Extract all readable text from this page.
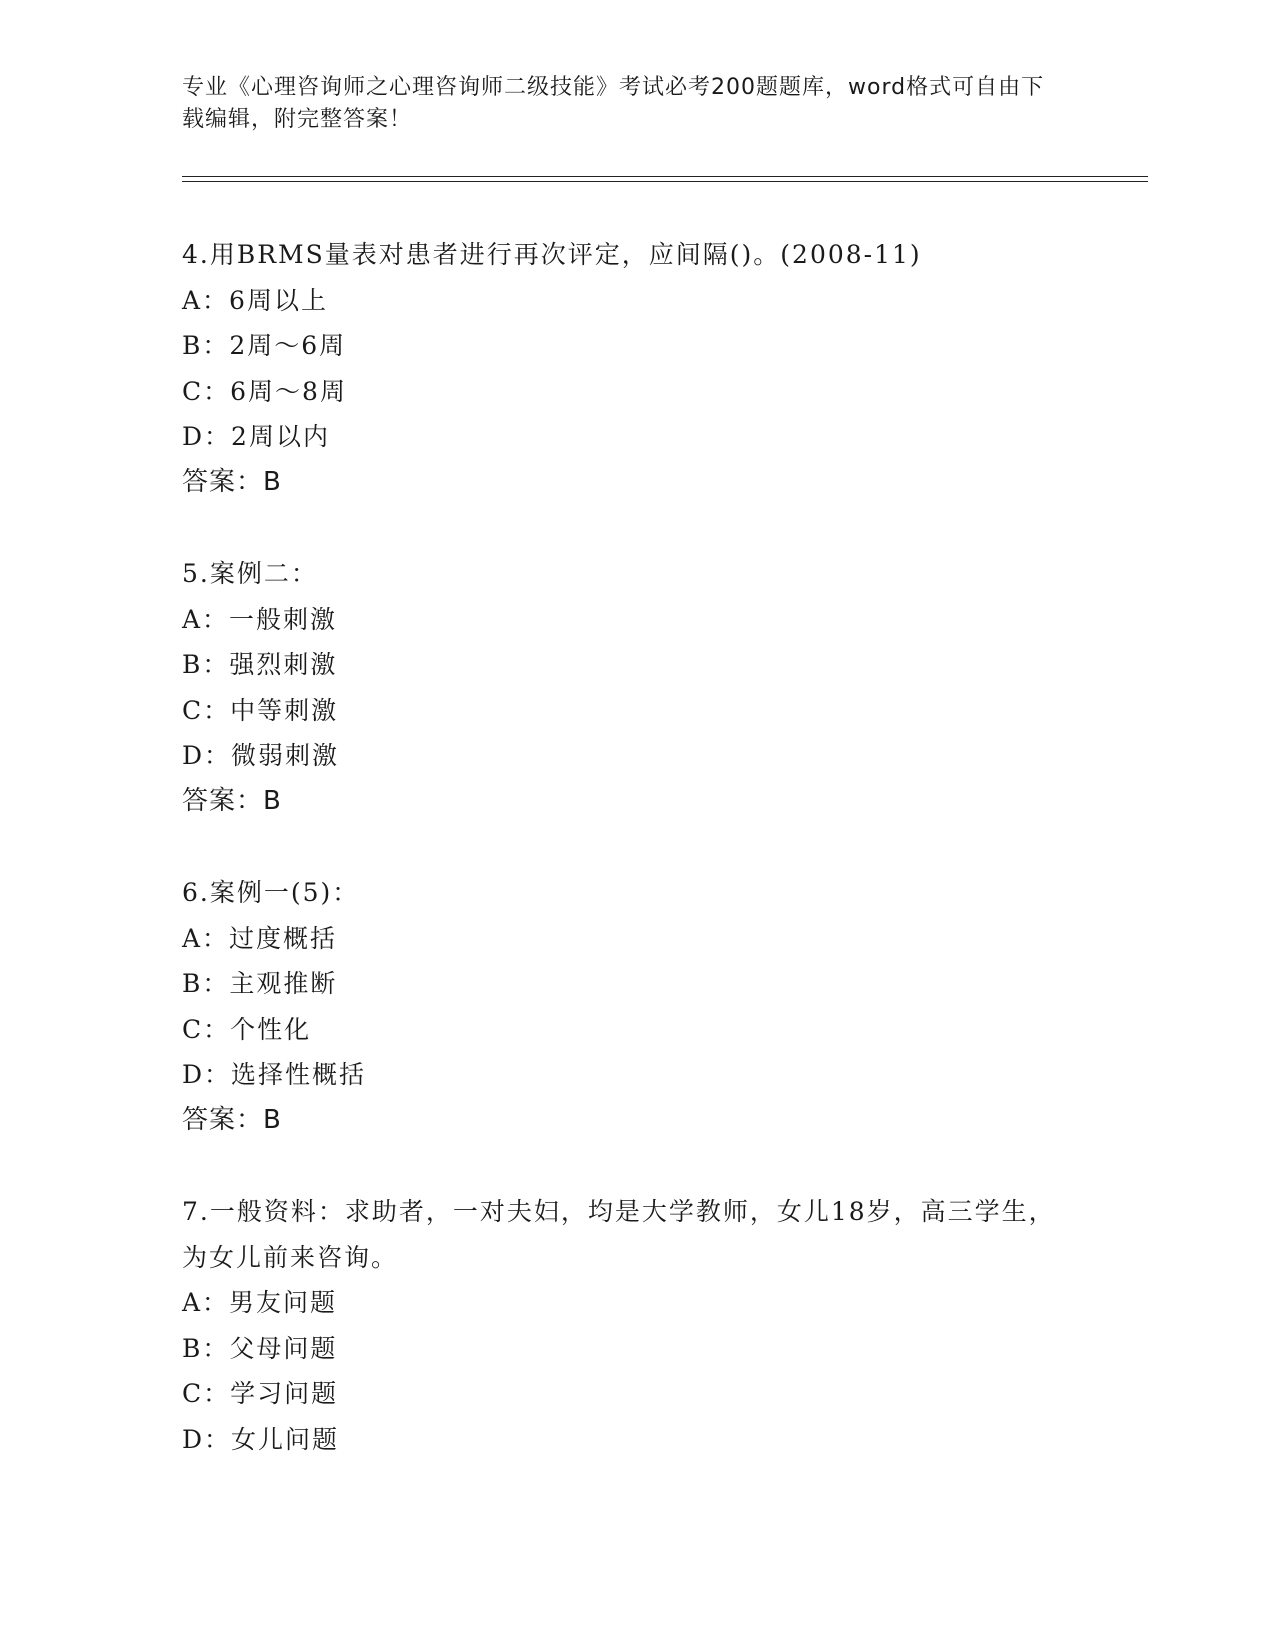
专业《心理咨询师之心理咨询师二级技能》考试必考200题题库，word格式可自由下载编辑，附完整答案！
4.用BRMS量表对患者进行再次评定，应间隔()。(2008-11)
A：6周以上
B：2周～6周
C：6周～8周
D：2周以内
答案：B
5.案例二：
A：一般刺激
B：强烈刺激
C：中等刺激
D：微弱刺激
答案：B
6.案例一(5)：
A：过度概括
B：主观推断
C：个性化
D：选择性概括
答案：B
7.一般资料：求助者，一对夫妇，均是大学教师，女儿18岁，高三学生，为女儿前来咨询。
A：男友问题
B：父母问题
C：学习问题
D：女儿问题
